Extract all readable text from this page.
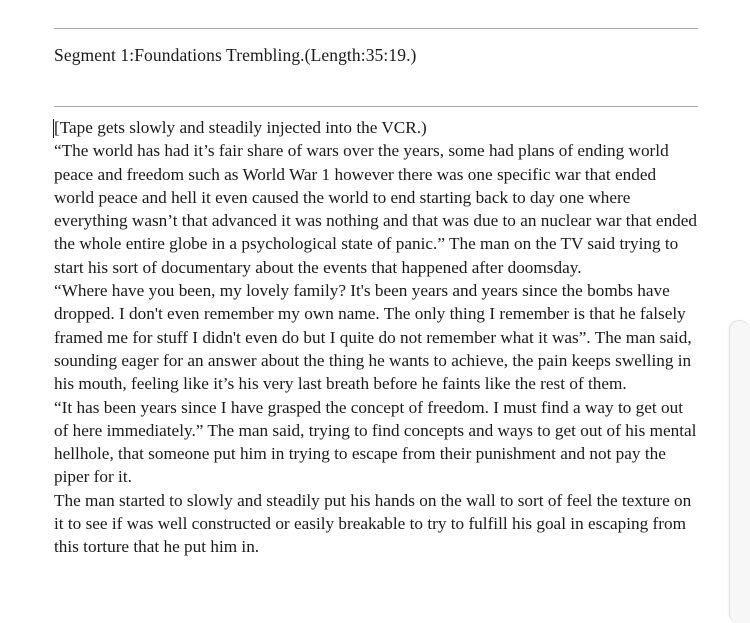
Segment 1:Foundations Trembling.(Length:35:19.)

[Tape gets slowly and steadily injected into the VCR.)

“The world has had it’s fair share of wars over the years, some had plans of ending world peace and freedom such as World War 1 however there was one specific war that ended world peace and hell it even caused the world to end starting back to day one where everything wasn’t that advanced it was nothing and that was due to an nuclear war that ended the whole entire globe in a psychological state of panic.” The man on the TV said trying to start his sort of documentary about the events that happened after doomsday.

“Where have you been, my lovely family? It's been years and years since the bombs have dropped. I don't even remember my own name. The only thing I remember is that he falsely framed me for stuff I didn't even do but I quite do not remember what it was”. The man said, sounding eager for an answer about the thing he wants to achieve, the pain keeps swelling in his mouth, feeling like it’s his very last breath before he faints like the rest of them.

“It has been years since I have grasped the concept of freedom. I must find a way to get out of here immediately.” The man said, trying to find concepts and ways to get out of his mental hellhole, that someone put him in trying to escape from their punishment and not pay the piper for it.

The man started to slowly and steadily put his hands on the wall to sort of feel the texture on it to see if was well constructed or easily breakable to try to fulfill his goal in escaping from this torture that he put him in.
